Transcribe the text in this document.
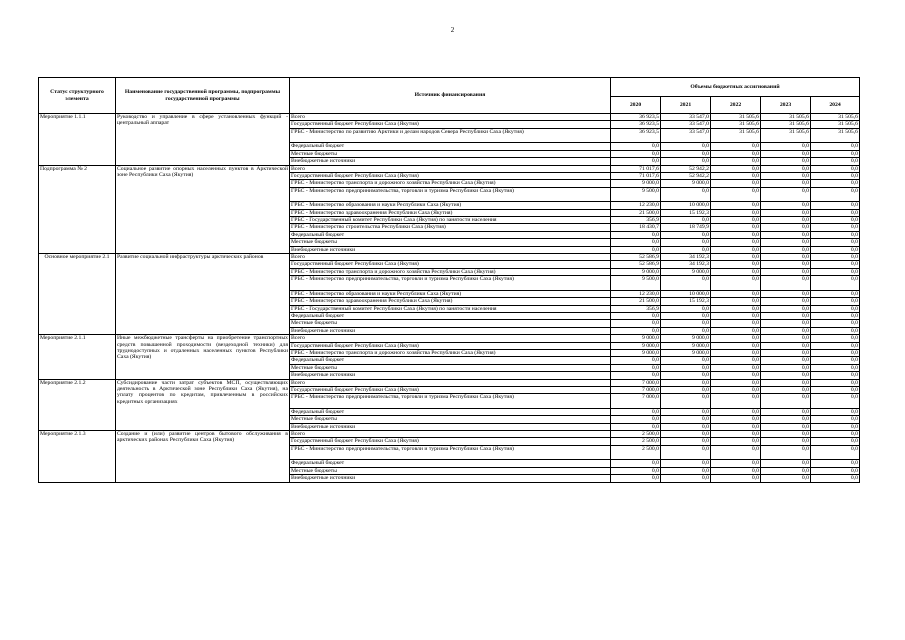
2
Статус структурного элемента	Наименование государственной программы, подпрограммы государственной программы	Источник финансирования	Объемы бюджетных ассигнований				
			2020	2021	2022	2023	2024
Мероприятие 1.1.1	Руководство и управление в сфере установленных функций - центральный аппарат	Всего	36 923,5	33 547,0	31 505,6	31 505,6	31 505,6
		Государственный бюджет Республики Саха (Якутия)	36 923,5	33 547,0	31 505,6	31 505,6	31 505,6
		ГРБС - Министерство по развитию Арктики и делам народов Севера Республики Саха (Якутия)	36 923,5	33 547,0	31 505,6	31 505,6	31 505,6
		Федеральный бюджет	0,0	0,0	0,0	0,0	0,0
		Местные бюджеты	0,0	0,0	0,0	0,0	0,0
		Внебюджетные источники	0,0	0,0	0,0	0,0	0,0
Подпрограмма № 2	Социальное развитие опорных населенных пунктов в Арктической зоне Республики Саха (Якутия)	Всего	71 017,6	52 942,2	0,0	0,0	0,0
		Государственный бюджет Республики Саха (Якутия)	71 017,6	52 942,2	0,0	0,0	0,0
		ГРБС - Министерство транспорта и дорожного хозяйства Республики Саха (Якутия)	9 000,0	9 000,0	0,0	0,0	0,0
		ГРБС - Министерство предпринимательства, торговли и туризма Республики Саха (Якутия)	9 500,0	0,0	0,0	0,0	0,0
		ГРБС - Министерство образования и науки Республики Саха (Якутия)	12 230,0	10 000,0	0,0	0,0	0,0
		ГРБС - Министерство здравоохранения Республики Саха (Якутия)	21 500,0	15 192,3	0,0	0,0	0,0
		ГРБС - Государственный комитет Республики Саха (Якутия) по занятости населения	356,9	0,0	0,0	0,0	0,0
		ГРБС - Министерство строительства Республики Саха (Якутия)	18 430,7	18 749,9	0,0	0,0	0,0
		Федеральный бюджет	0,0	0,0	0,0	0,0	0,0
		Местные бюджеты	0,0	0,0	0,0	0,0	0,0
		Внебюджетные источники	0,0	0,0	0,0	0,0	0,0
Основное мероприятие 2.1	Развитие социальной инфраструктуры арктических районов	Всего	52 586,9	34 192,3	0,0	0,0	0,0
		Государственный бюджет Республики Саха (Якутия)	52 586,9	34 192,3	0,0	0,0	0,0
		ГРБС - Министерство транспорта и дорожного хозяйства Республики Саха (Якутия)	9 000,0	9 000,0	0,0	0,0	0,0
		ГРБС - Министерство предпринимательства, торговли и туризма Республики Саха (Якутия)	9 500,0	0,0	0,0	0,0	0,0
		ГРБС - Министерство образования и науки Республики Саха (Якутия)	12 230,0	10 000,0	0,0	0,0	0,0
		ГРБС - Министерство здравоохранения Республики Саха (Якутия)	21 500,0	15 192,3	0,0	0,0	0,0
		ГРБС - Государственный комитет Республики Саха (Якутия) по занятости населения	356,9	0,0	0,0	0,0	0,0
		Федеральный бюджет	0,0	0,0	0,0	0,0	0,0
		Местные бюджеты	0,0	0,0	0,0	0,0	0,0
		Внебюджетные источники	0,0	0,0	0,0	0,0	0,0
Мероприятие 2.1.1	Иные межбюджетные трансферты на приобретение транспортных средств повышенной проходимости (вездеходной техники) для труднодоступных и отдаленных населенных пунктов Республики Саха (Якутия)	Всего	9 000,0	9 000,0	0,0	0,0	0,0
		Государственный бюджет Республики Саха (Якутия)	9 000,0	9 000,0	0,0	0,0	0,0
		ГРБС - Министерство транспорта и дорожного хозяйства Республики Саха (Якутия)	9 000,0	9 000,0	0,0	0,0	0,0
		Федеральный бюджет	0,0	0,0	0,0	0,0	0,0
		Местные бюджеты	0,0	0,0	0,0	0,0	0,0
		Внебюджетные источники	0,0	0,0	0,0	0,0	0,0
Мероприятие 2.1.2	Субсидирование части затрат субъектов МСП, осуществляющих деятельность в Арктической зоне Республики Саха (Якутия), на уплату процентов по кредитам, привлеченным в российских кредитных организациях	Всего	7 000,0	0,0	0,0	0,0	0,0
		Государственный бюджет Республики Саха (Якутия)	7 000,0	0,0	0,0	0,0	0,0
		ГРБС - Министерство предпринимательства, торговли и туризма Республики Саха (Якутия)	7 000,0	0,0	0,0	0,0	0,0
		Федеральный бюджет	0,0	0,0	0,0	0,0	0,0
		Местные бюджеты	0,0	0,0	0,0	0,0	0,0
		Внебюджетные источники	0,0	0,0	0,0	0,0	0,0
Мероприятие 2.1.3	Создание и (или) развитие центров бытового обслуживания в арктических районах Республики Саха (Якутия)	Всего	2 500,0	0,0	0,0	0,0	0,0
		Государственный бюджет Республики Саха (Якутия)	2 500,0	0,0	0,0	0,0	0,0
		ГРБС - Министерство предпринимательства, торговли и туризма Республики Саха (Якутия)	2 500,0	0,0	0,0	0,0	0,0
		Федеральный бюджет	0,0	0,0	0,0	0,0	0,0
		Местные бюджеты	0,0	0,0	0,0	0,0	0,0
		Внебюджетные источники	0,0	0,0	0,0	0,0	0,0
